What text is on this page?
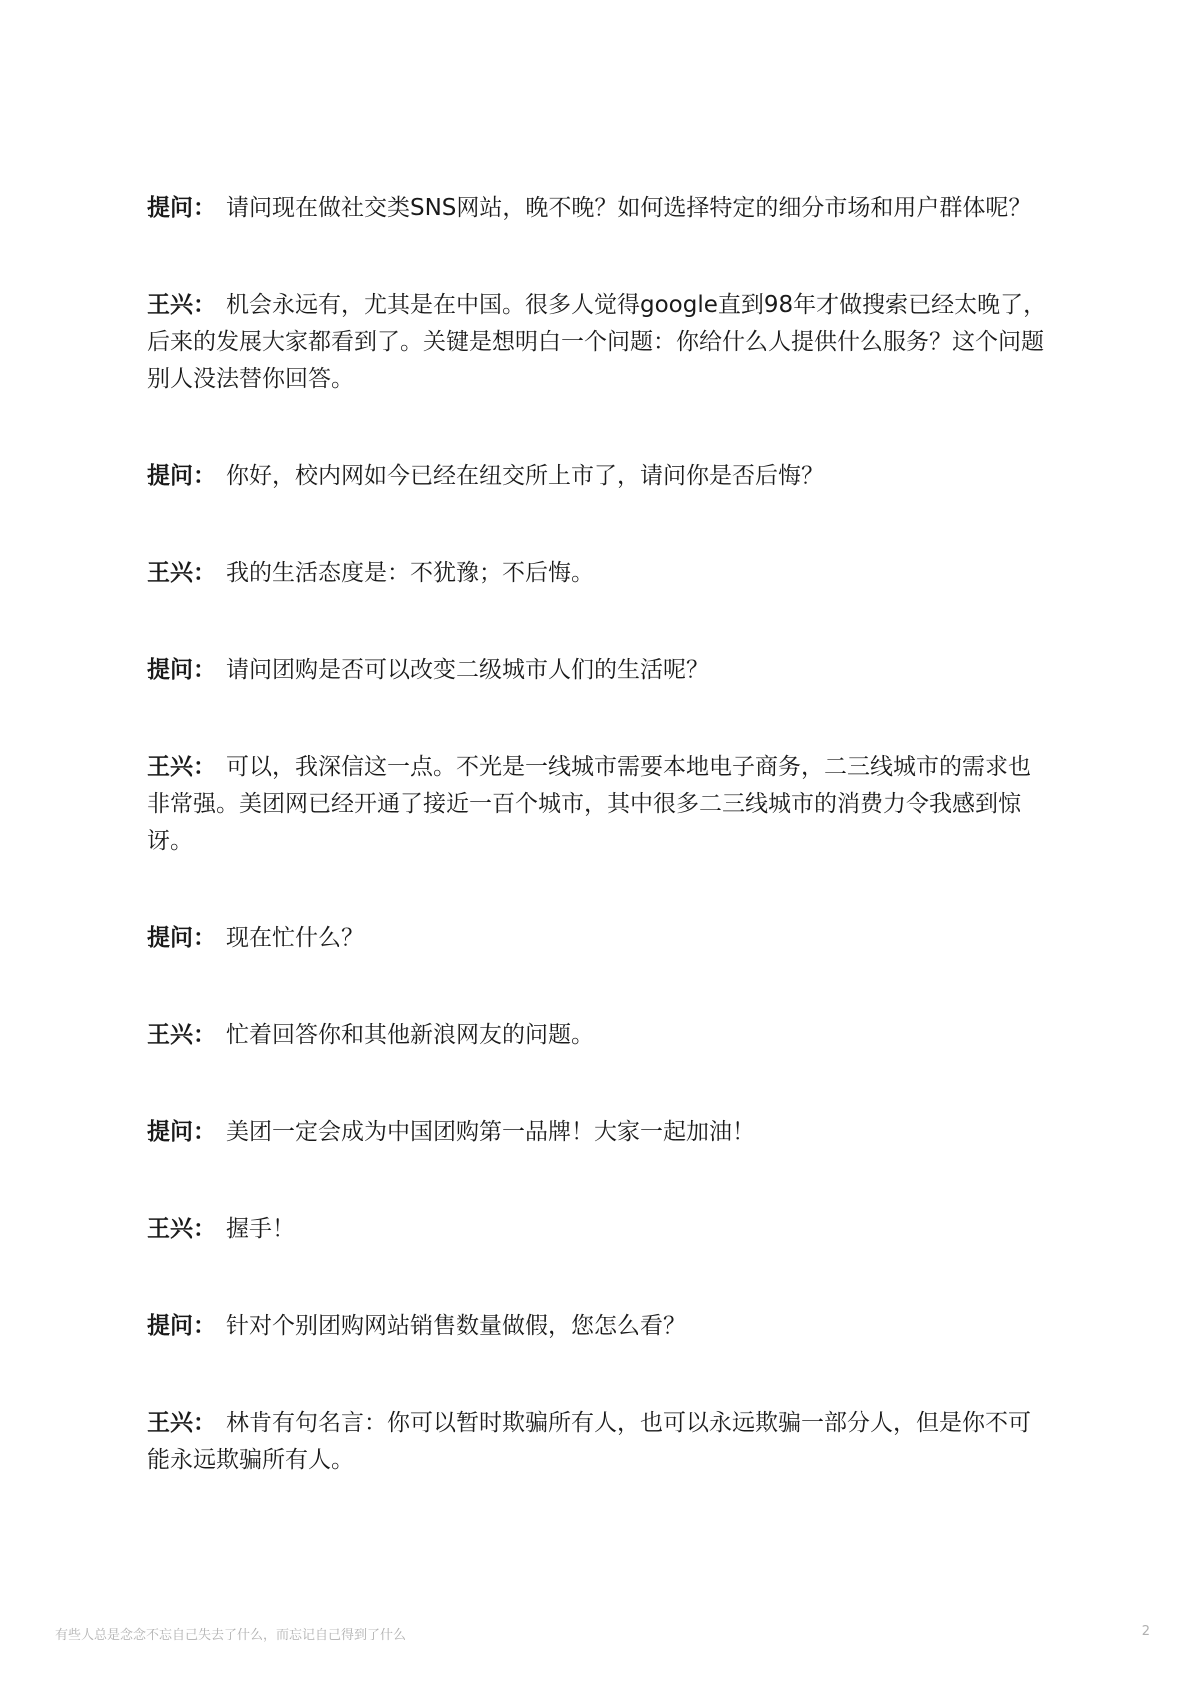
提问： 请问现在做社交类SNS网站，晚不晚？如何选择特定的细分市场和用户群体呢？

王兴： 机会永远有，尤其是在中国。很多人觉得google直到98年才做搜索已经太晚了，后来的发展大家都看到了。关键是想明白一个问题：你给什么人提供什么服务？这个问题别人没法替你回答。

提问： 你好，校内网如今已经在纽交所上市了，请问你是否后悔？

王兴： 我的生活态度是：不犹豫；不后悔。

提问： 请问团购是否可以改变二级城市人们的生活呢？

王兴： 可以，我深信这一点。不光是一线城市需要本地电子商务，二三线城市的需求也非常强。美团网已经开通了接近一百个城市，其中很多二三线城市的消费力令我感到惊讶。

提问： 现在忙什么？

王兴： 忙着回答你和其他新浪网友的问题。

提问： 美团一定会成为中国团购第一品牌！大家一起加油！

王兴： 握手！

提问： 针对个别团购网站销售数量做假，您怎么看？

王兴： 林肯有句名言：你可以暂时欺骗所有人，也可以永远欺骗一部分人，但是你不可能永远欺骗所有人。

有些人总是念念不忘自己失去了什么，而忘记自己得到了什么	2
